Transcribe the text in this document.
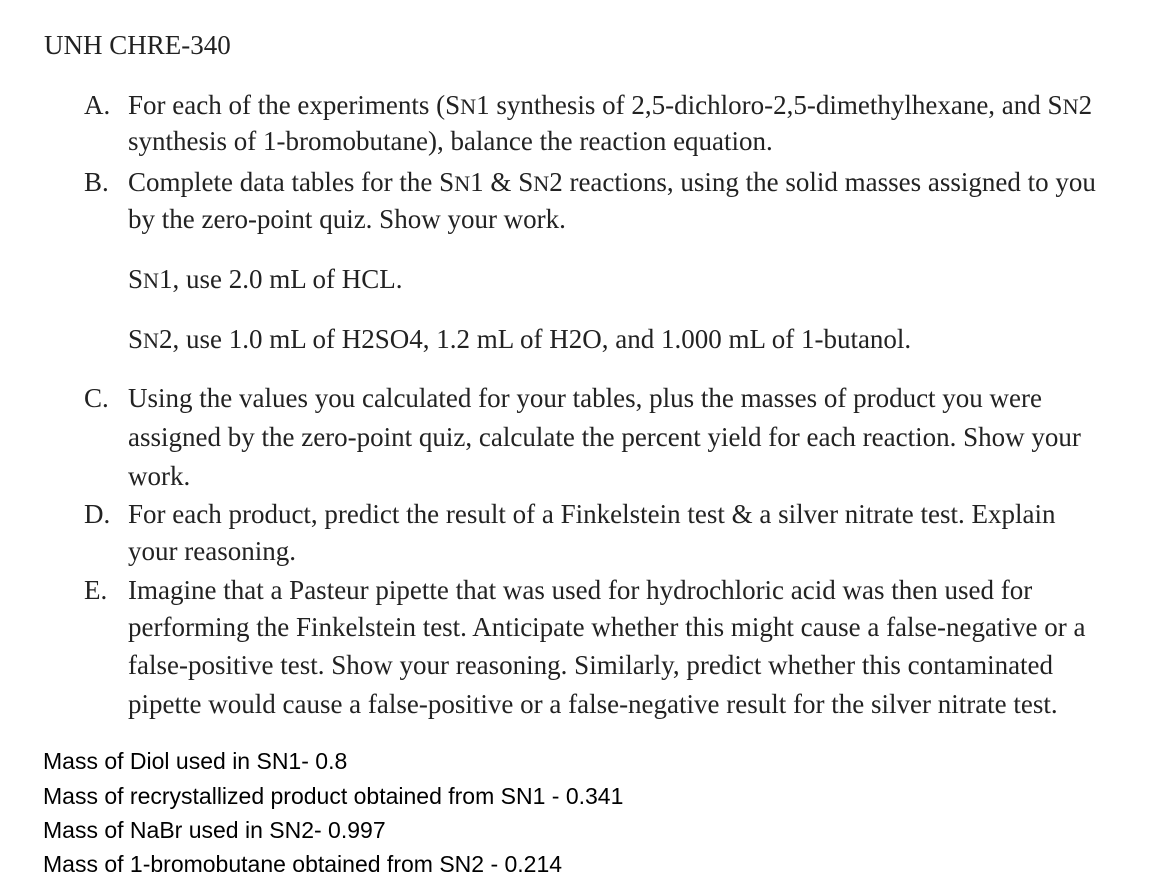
UNH CHRE-340
A. For each of the experiments (SN1 synthesis of 2,5-dichloro-2,5-dimethylhexane, and SN2
synthesis of 1-bromobutane), balance the reaction equation.
B. Complete data tables for the SN1 & SN2 reactions, using the solid masses assigned to you
by the zero-point quiz. Show your work.
SN1, use 2.0 mL of HCL.
SN2, use 1.0 mL of H2SO4, 1.2 mL of H2O, and 1.000 mL of 1-butanol.
C. Using the values you calculated for your tables, plus the masses of product you were
assigned by the zero-point quiz, calculate the percent yield for each reaction. Show your
work.
D. For each product, predict the result of a Finkelstein test & a silver nitrate test. Explain
your reasoning.
E. Imagine that a Pasteur pipette that was used for hydrochloric acid was then used for
performing the Finkelstein test. Anticipate whether this might cause a false-negative or a
false-positive test. Show your reasoning. Similarly, predict whether this contaminated
pipette would cause a false-positive or a false-negative result for the silver nitrate test.
Mass of Diol used in SN1- 0.8
Mass of recrystallized product obtained from SN1 - 0.341
Mass of NaBr used in SN2- 0.997
Mass of 1-bromobutane obtained from SN2 - 0.214
